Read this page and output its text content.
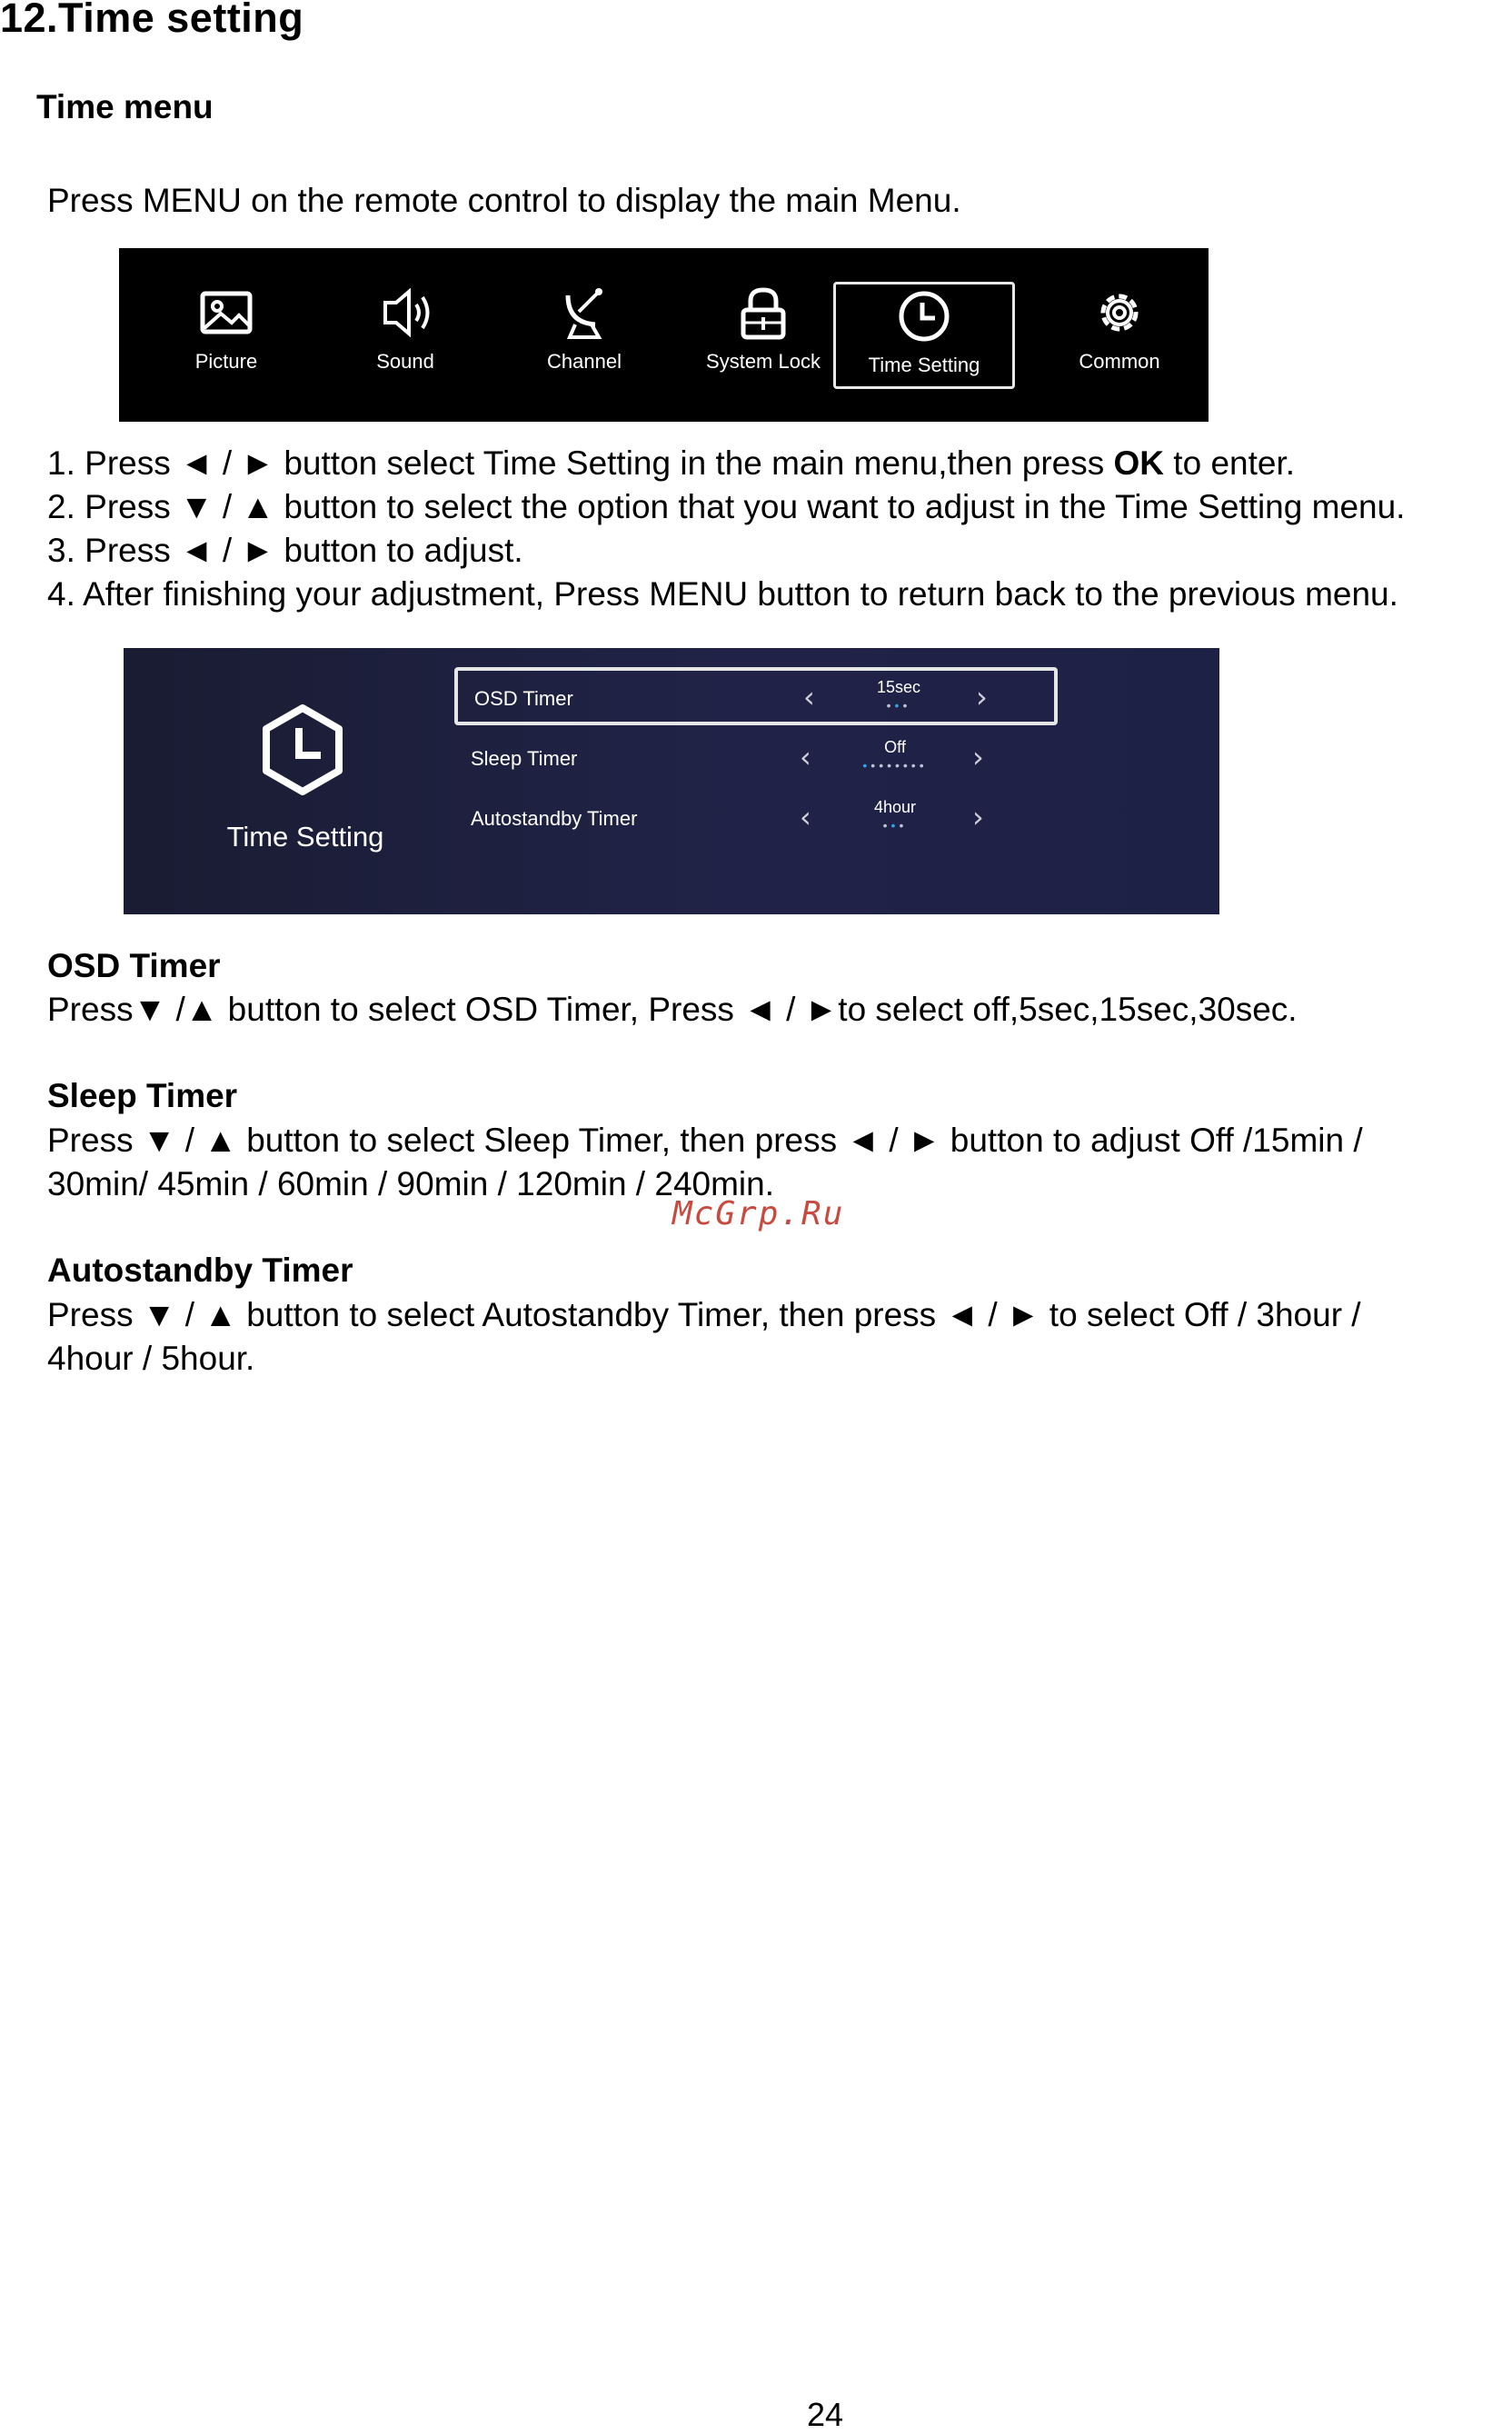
12.Time setting
Time menu
Press MENU on the remote control to display the main Menu.
Picture	Sound	Channel	System Lock	Time Setting	Common
1. Press ◄ / ► button select Time Setting in the main menu,then press OK to enter.
2. Press ▼ / ▲ button to select the option that you want to adjust in the Time Setting menu.
3. Press ◄ / ► button to adjust.
4. After finishing your adjustment, Press MENU button to return back to the previous menu.
Time Setting
OSD Timer	‹	15sec
•••	›
Sleep Timer	‹	Off
••••••••	›
Autostandby Timer	‹	4hour
•••	›
OSD Timer
Press▼ /▲ button to select OSD Timer, Press ◄ / ►to select off,5sec,15sec,30sec.
Sleep Timer
Press ▼ / ▲ button to select Sleep Timer, then press ◄ / ► button to adjust Off /15min /
30min/ 45min / 60min / 90min / 120min / 240min.
McGrp.Ru
Autostandby Timer
Press ▼ / ▲ button to select Autostandby Timer, then press ◄ / ► to select Off / 3hour /
4hour / 5hour.
24
